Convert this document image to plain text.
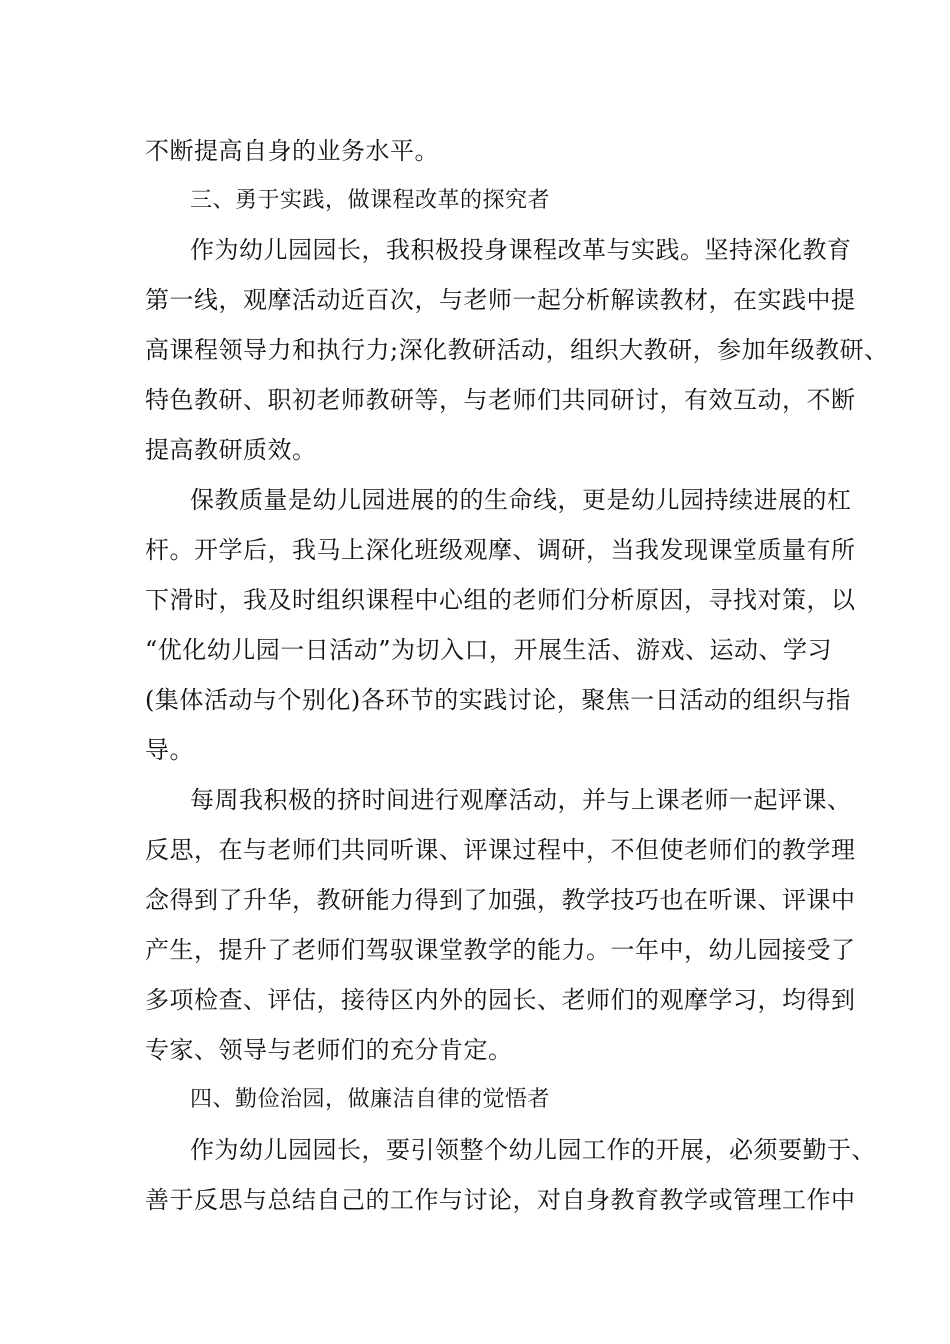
不断提高自身的业务水平。
三、勇于实践，做课程改革的探究者
作为幼儿园园长，我积极投身课程改革与实践。坚持深化教育
第一线，观摩活动近百次，与老师一起分析解读教材，在实践中提
高课程领导力和执行力;深化教研活动，组织大教研，参加年级教研、
特色教研、职初老师教研等，与老师们共同研讨，有效互动，不断
提高教研质效。
保教质量是幼儿园进展的的生命线，更是幼儿园持续进展的杠
杆。开学后，我马上深化班级观摩、调研，当我发现课堂质量有所
下滑时，我及时组织课程中心组的老师们分析原因，寻找对策，以
“优化幼儿园一日活动”为切入口，开展生活、游戏、运动、学习
(集体活动与个别化)各环节的实践讨论，聚焦一日活动的组织与指
导。
每周我积极的挤时间进行观摩活动，并与上课老师一起评课、
反思，在与老师们共同听课、评课过程中，不但使老师们的教学理
念得到了升华，教研能力得到了加强，教学技巧也在听课、评课中
产生，提升了老师们驾驭课堂教学的能力。一年中，幼儿园接受了
多项检查、评估，接待区内外的园长、老师们的观摩学习，均得到
专家、领导与老师们的充分肯定。
四、勤俭治园，做廉洁自律的觉悟者
作为幼儿园园长，要引领整个幼儿园工作的开展，必须要勤于、
善于反思与总结自己的工作与讨论，对自身教育教学或管理工作中
